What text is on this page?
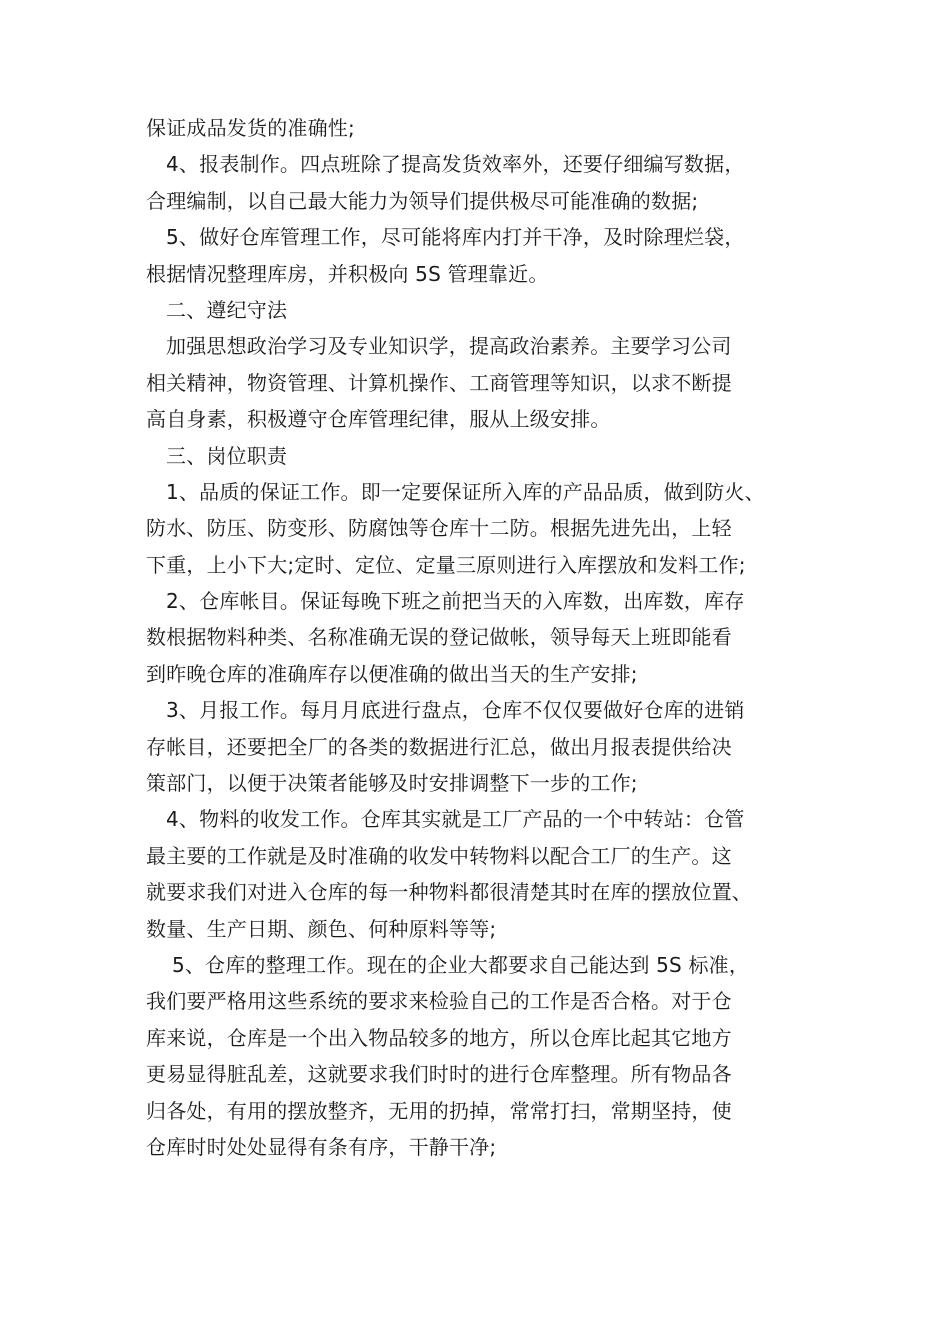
保证成品发货的准确性;
4、报表制作。四点班除了提高发货效率外，还要仔细编写数据，
合理编制，以自己最大能力为领导们提供极尽可能准确的数据;
5、做好仓库管理工作，尽可能将库内打并干净，及时除理烂袋，
根据情况整理库房，并积极向 5S 管理靠近。
二、遵纪守法
加强思想政治学习及专业知识学，提高政治素养。主要学习公司
相关精神，物资管理、计算机操作、工商管理等知识，以求不断提
高自身素，积极遵守仓库管理纪律，服从上级安排。
三、岗位职责
1、品质的保证工作。即一定要保证所入库的产品品质，做到防火、
防水、防压、防变形、防腐蚀等仓库十二防。根据先进先出，上轻
下重，上小下大;定时、定位、定量三原则进行入库摆放和发料工作;
2、仓库帐目。保证每晚下班之前把当天的入库数，出库数，库存
数根据物料种类、名称准确无误的登记做帐，领导每天上班即能看
到昨晚仓库的准确库存以便准确的做出当天的生产安排;
3、月报工作。每月月底进行盘点，仓库不仅仅要做好仓库的进销
存帐目，还要把全厂的各类的数据进行汇总，做出月报表提供给决
策部门，以便于决策者能够及时安排调整下一步的工作;
4、物料的收发工作。仓库其实就是工厂产品的一个中转站：仓管
最主要的工作就是及时准确的收发中转物料以配合工厂的生产。这
就要求我们对进入仓库的每一种物料都很清楚其时在库的摆放位置、
数量、生产日期、颜色、何种原料等等;
5、仓库的整理工作。现在的企业大都要求自己能达到 5S 标准，
我们要严格用这些系统的要求来检验自己的工作是否合格。对于仓
库来说，仓库是一个出入物品较多的地方，所以仓库比起其它地方
更易显得脏乱差，这就要求我们时时的进行仓库整理。所有物品各
归各处，有用的摆放整齐，无用的扔掉，常常打扫，常期坚持，使
仓库时时处处显得有条有序，干静干净;
